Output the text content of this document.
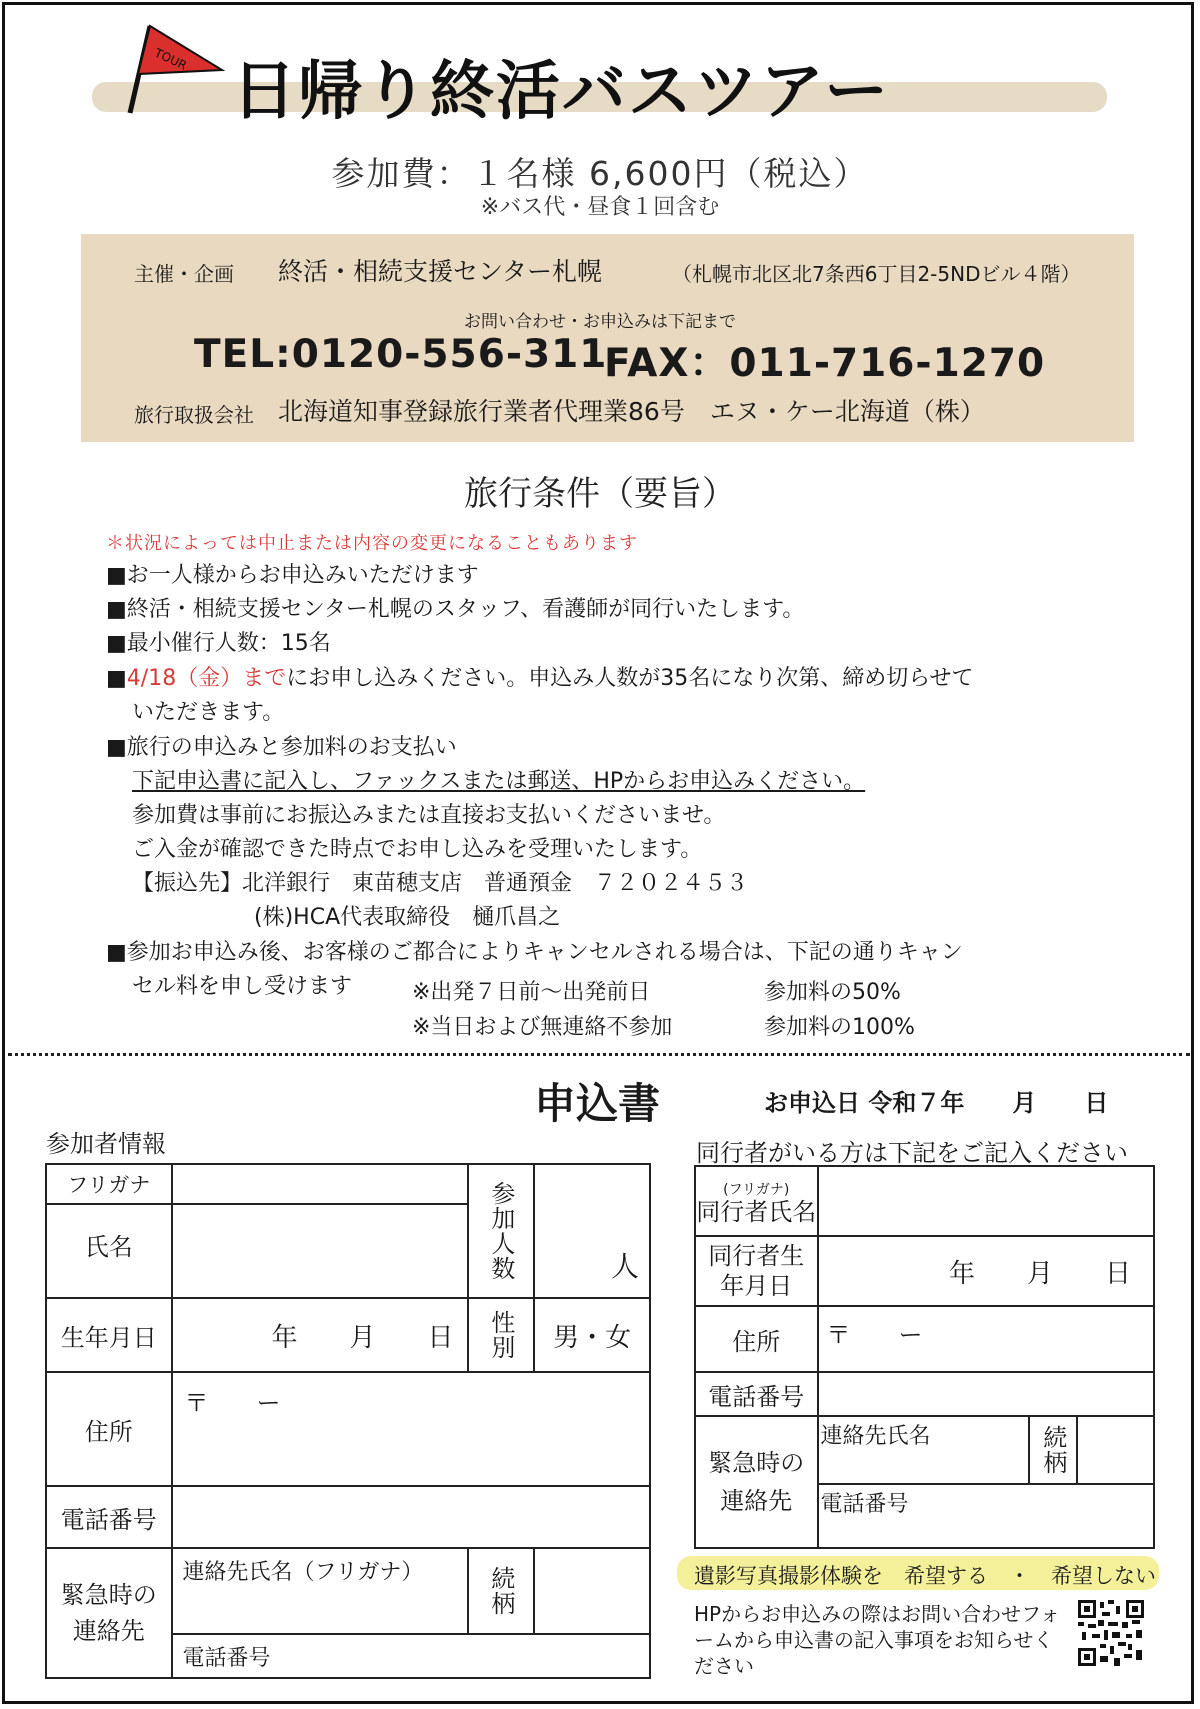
TOUR 日帰り終活バスツアー
参加費：１名様 6,600円（税込）
※バス代・昼食１回含む
主催・企画 終活・相続支援センター札幌	（札幌市北区北7条西6丁目2-5NDビル４階）
お問い合わせ・お申込みは下記まで
TEL:0120-556-311
FAX：011-716-1270
旅行取扱会社 北海道知事登録旅行業者代理業86号　エヌ・ケー北海道（株）
旅行条件（要旨）
＊状況によっては中止または内容の変更になることもあります
■お一人様からお申込みいただけます
■終活・相続支援センター札幌のスタッフ、看護師が同行いたします。
■最小催行人数：15名
■4/18（金）までにお申し込みください。申込み人数が35名になり次第、締め切らせて
いただきます。
■旅行の申込みと参加料のお支払い
下記申込書に記入し、ファックスまたは郵送、HPからお申込みください。
参加費は事前にお振込みまたは直接お支払いくださいませ。
ご入金が確認できた時点でお申し込みを受理いたします。
【振込先】北洋銀行　東苗穂支店　普通預金　７２０２４５３
(株)HCA代表取締役　樋爪昌之
■参加お申込み後、お客様のご都合によりキャンセルされる場合は、下記の通りキャン
セル料を申し受けます	※出発７日前～出発前日	参加料の50%
※当日および無連絡不参加	参加料の100%
申込書	お申込日 令和７年　　月　　日
参加者情報	同行者がいる方は下記をご記入ください
フリガナ		参加人数	人
氏名			
生年月日	年　　月　　日	性別	男・女
住所	〒　　ー		
電話番号			
緊急時の連絡先	連絡先氏名（フリガナ）	続柄	

	電話番号		
(フリガナ)
同行者氏名			

同行者生年月日	年　　月　　日		
住所	〒　　ー		
電話番号			
緊急時の連絡先	連絡先氏名	続柄	

	電話番号		
遺影写真撮影体験を　希望する　・　希望しない
HPからお申込みの際はお問い合わせフォームから申込書の記入事項をお知らせください
